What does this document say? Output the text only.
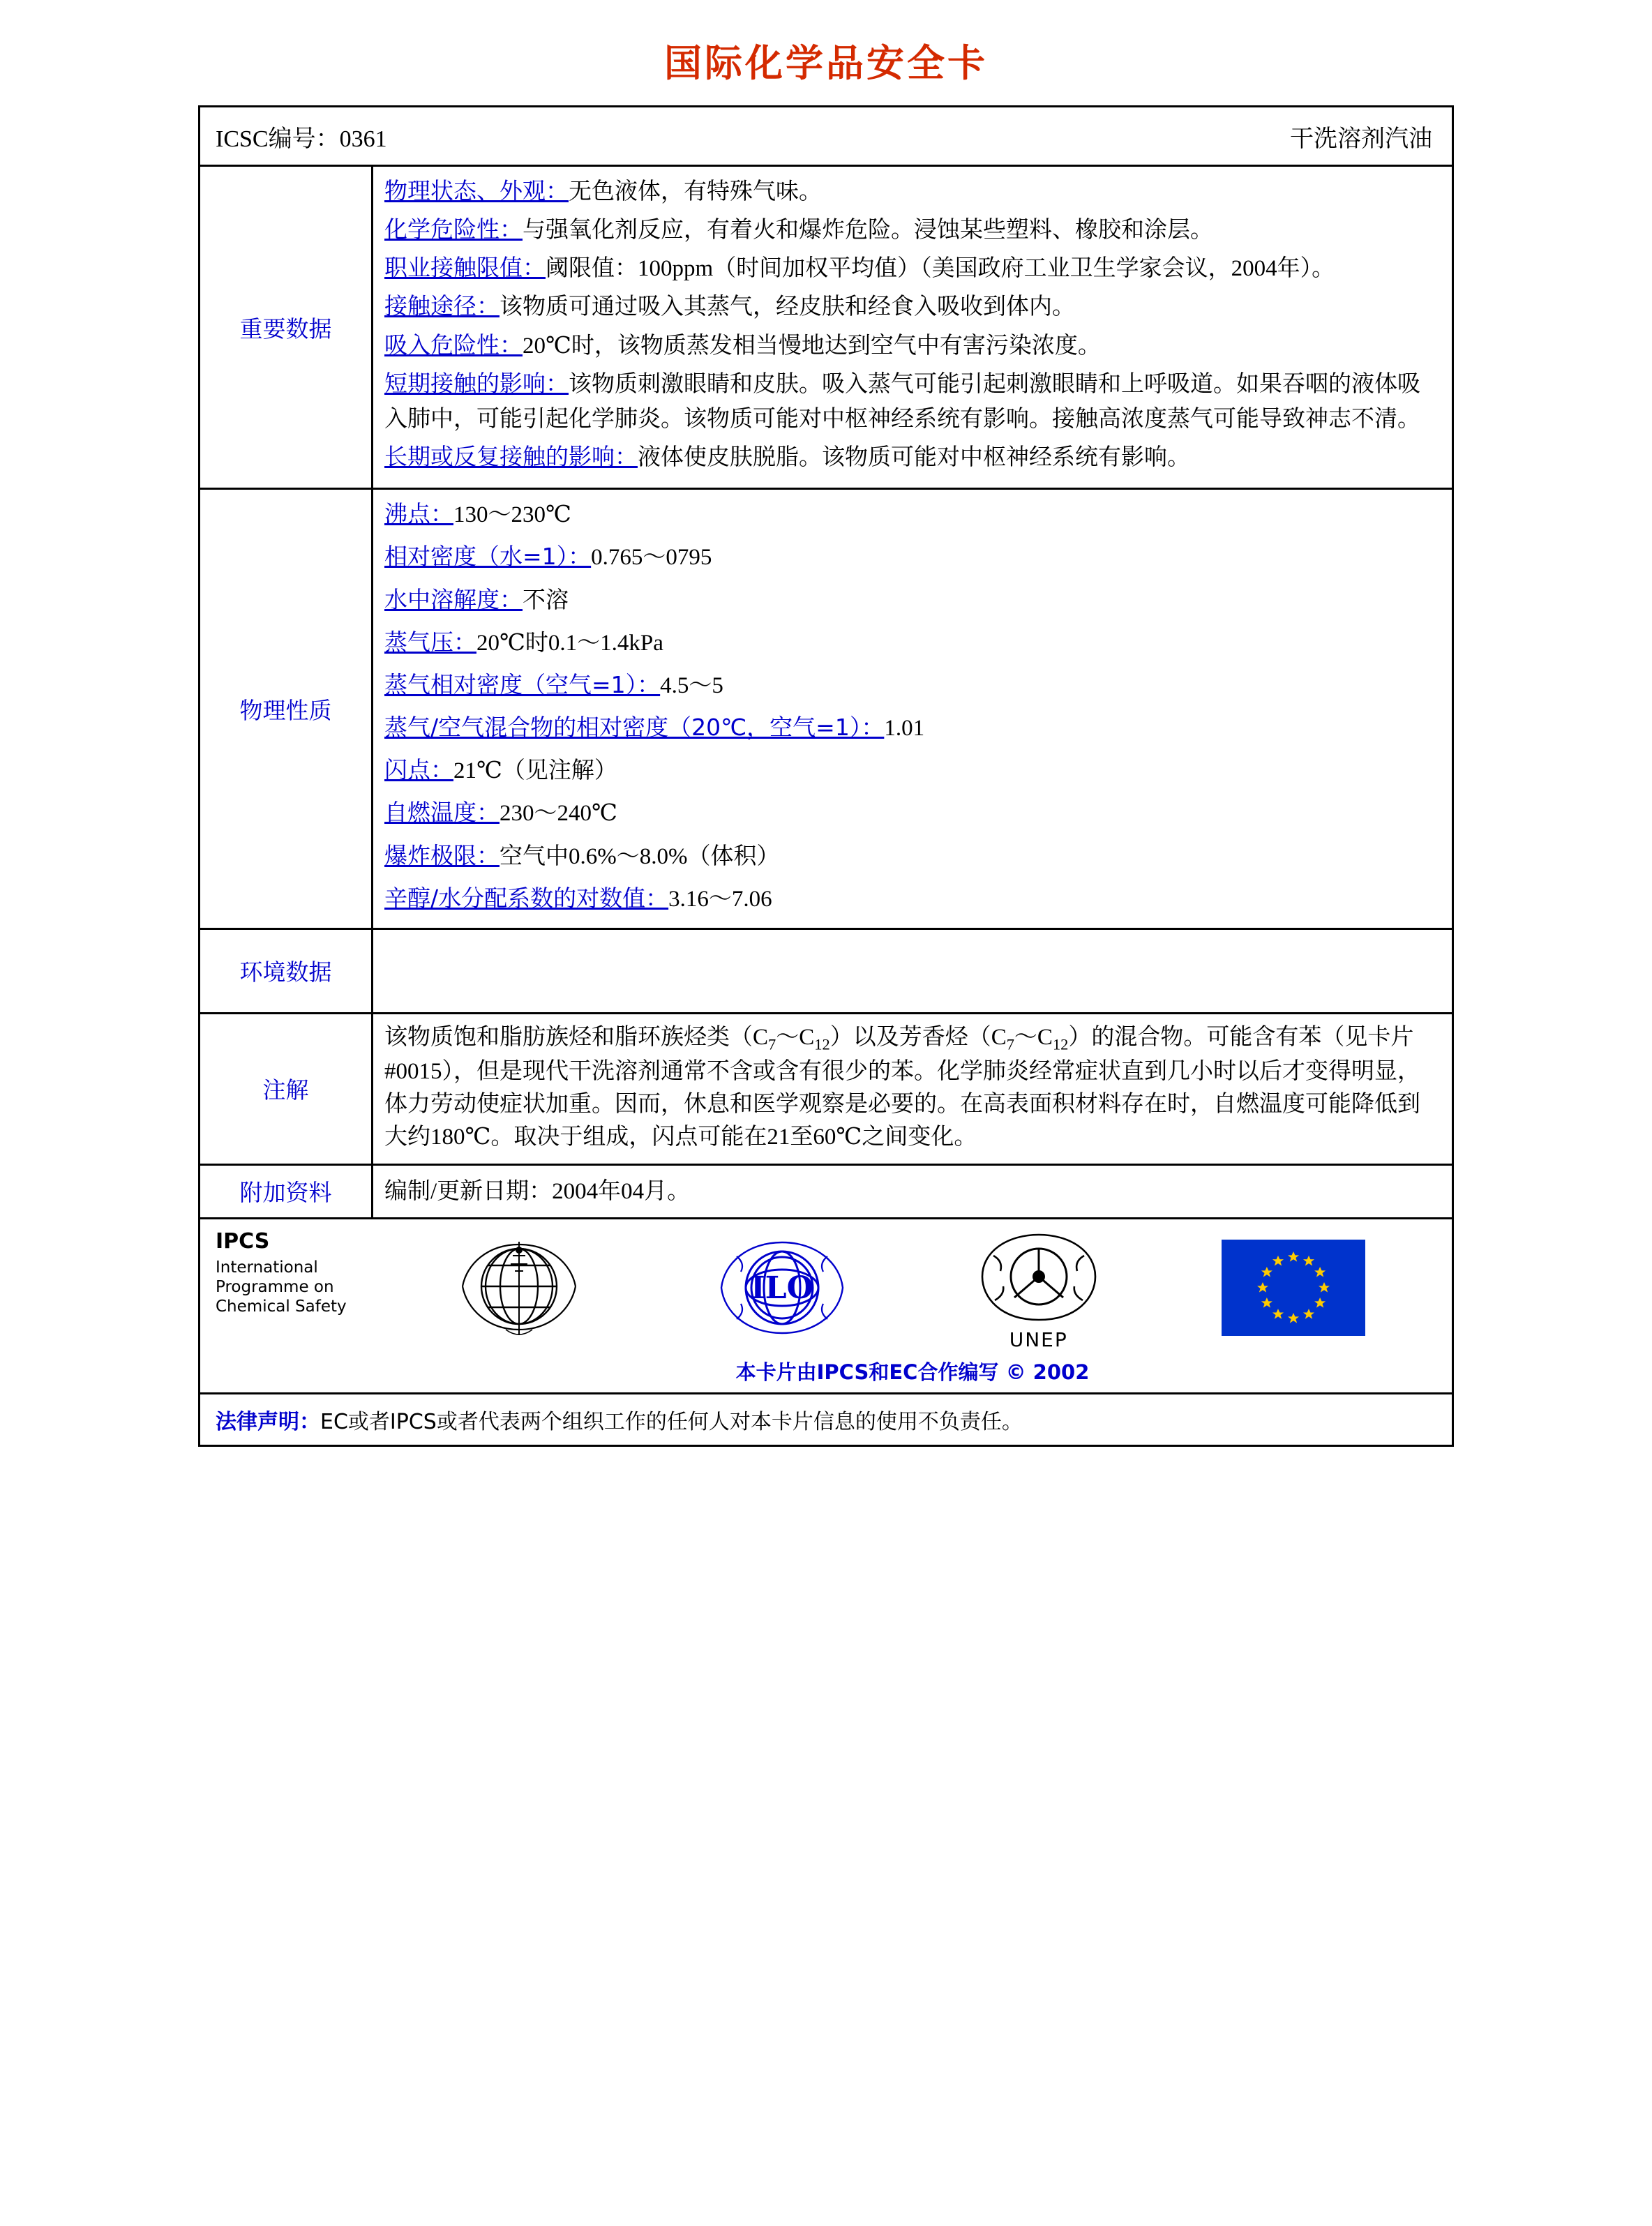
国际化学品安全卡
ICSC编号：0361	干洗溶剂汽油
重要数据

物理状态、外观：无色液体，有特殊气味。

化学危险性：与强氧化剂反应，有着火和爆炸危险。浸蚀某些塑料、橡胶和涂层。

职业接触限值：阈限值：100ppm（时间加权平均值）（美国政府工业卫生学家会议，2004年）。

接触途径：该物质可通过吸入其蒸气，经皮肤和经食入吸收到体内。

吸入危险性：20℃时，该物质蒸发相当慢地达到空气中有害污染浓度。

短期接触的影响：该物质刺激眼睛和皮肤。吸入蒸气可能引起刺激眼睛和上呼吸道。如果吞咽的液体吸入肺中，可能引起化学肺炎。该物质可能对中枢神经系统有影响。接触高浓度蒸气可能导致神志不清。

长期或反复接触的影响：液体使皮肤脱脂。该物质可能对中枢神经系统有影响。

物理性质

沸点：130～230℃

相对密度（水=1）：0.765～0795

水中溶解度：不溶

蒸气压：20℃时0.1～1.4kPa

蒸气相对密度（空气=1）：4.5～5

蒸气/空气混合物的相对密度（20℃，空气=1）：1.01

闪点：21℃（见注解）

自燃温度：230～240℃

爆炸极限：空气中0.6%～8.0%（体积）

辛醇/水分配系数的对数值：3.16～7.06

环境数据
注解

该物质饱和脂肪族烃和脂环族烃类$(C_7\sim C_{12})$以及芳香烃$(C_7\sim C_{12})$的混合物。可能含有苯（见卡片#0015），但是现代干洗溶剂通常不含或含有很少的苯。化学肺炎经常症状直到几小时以后才变得明显，体力劳动使症状加重。因而，休息和医学观察是必要的。在高表面积材料存在时，自燃温度可能降低到大约180℃。取决于组成，闪点可能在21至60℃之间变化。

附加资料	编制/更新日期：2004年04月。
IPCS
International
Programme on
Chemical Safety
ILO
UNEP
本卡片由IPCS和EC合作编写 © 2002
法律声明：EC或者IPCS或者代表两个组织工作的任何人对本卡片信息的使用不负责任。
